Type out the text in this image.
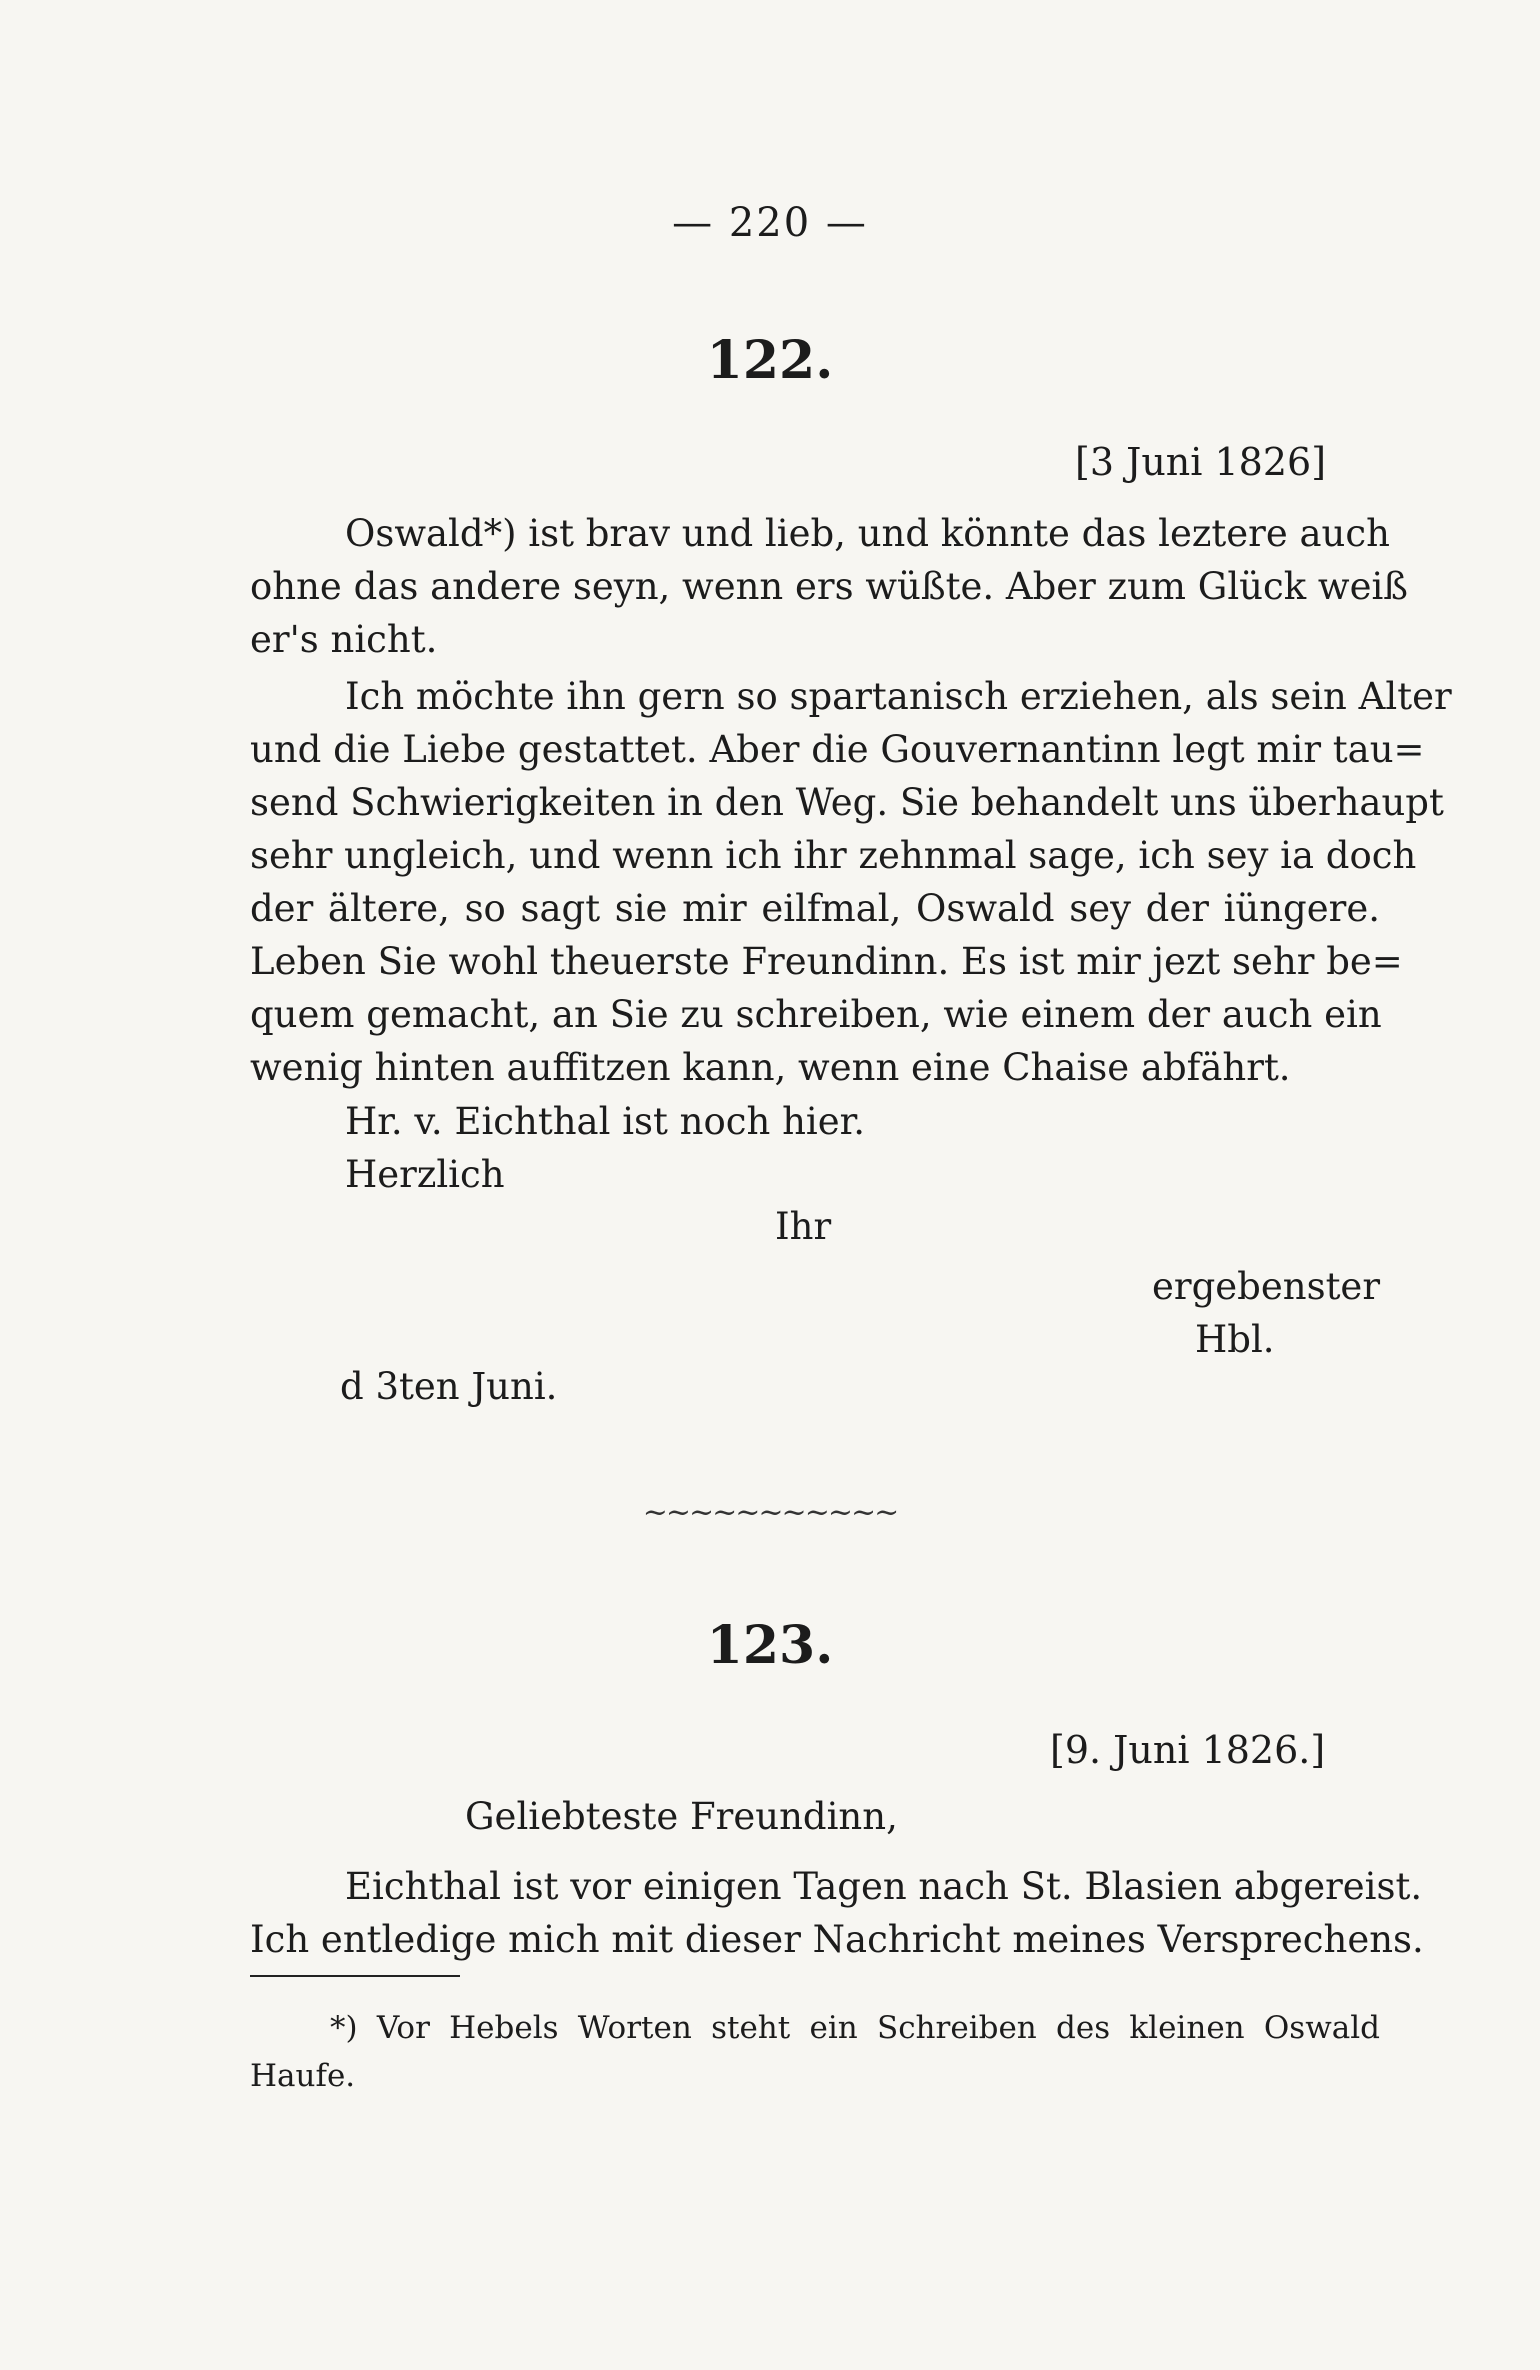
— 220 —
122.
[3 Juni 1826]
Oswald*) ist brav und lieb, und könnte das leztere auch
ohne das andere seyn, wenn ers wüßte. Aber zum Glück weiß
er's nicht.
Ich möchte ihn gern so spartanisch erziehen, als sein Alter
und die Liebe gestattet. Aber die Gouvernantinn legt mir tau=
send Schwierigkeiten in den Weg. Sie behandelt uns überhaupt
sehr ungleich, und wenn ich ihr zehnmal sage, ich sey ia doch
der ältere, so sagt sie mir eilfmal, Oswald sey der iüngere.
Leben Sie wohl theuerste Freundinn. Es ist mir jezt sehr be=
quem gemacht, an Sie zu schreiben, wie einem der auch ein
wenig hinten auffitzen kann, wenn eine Chaise abfährt.
Hr. v. Eichthal ist noch hier.
Herzlich
Ihr
ergebenster
Hbl.
d 3ten Juni.
~~~~~~~~~~~
123.
[9. Juni 1826.]
Geliebteste Freundinn,
Eichthal ist vor einigen Tagen nach St. Blasien abgereist.
Ich entledige mich mit dieser Nachricht meines Versprechens.
*) Vor Hebels Worten steht ein Schreiben des kleinen Oswald
Haufe.
